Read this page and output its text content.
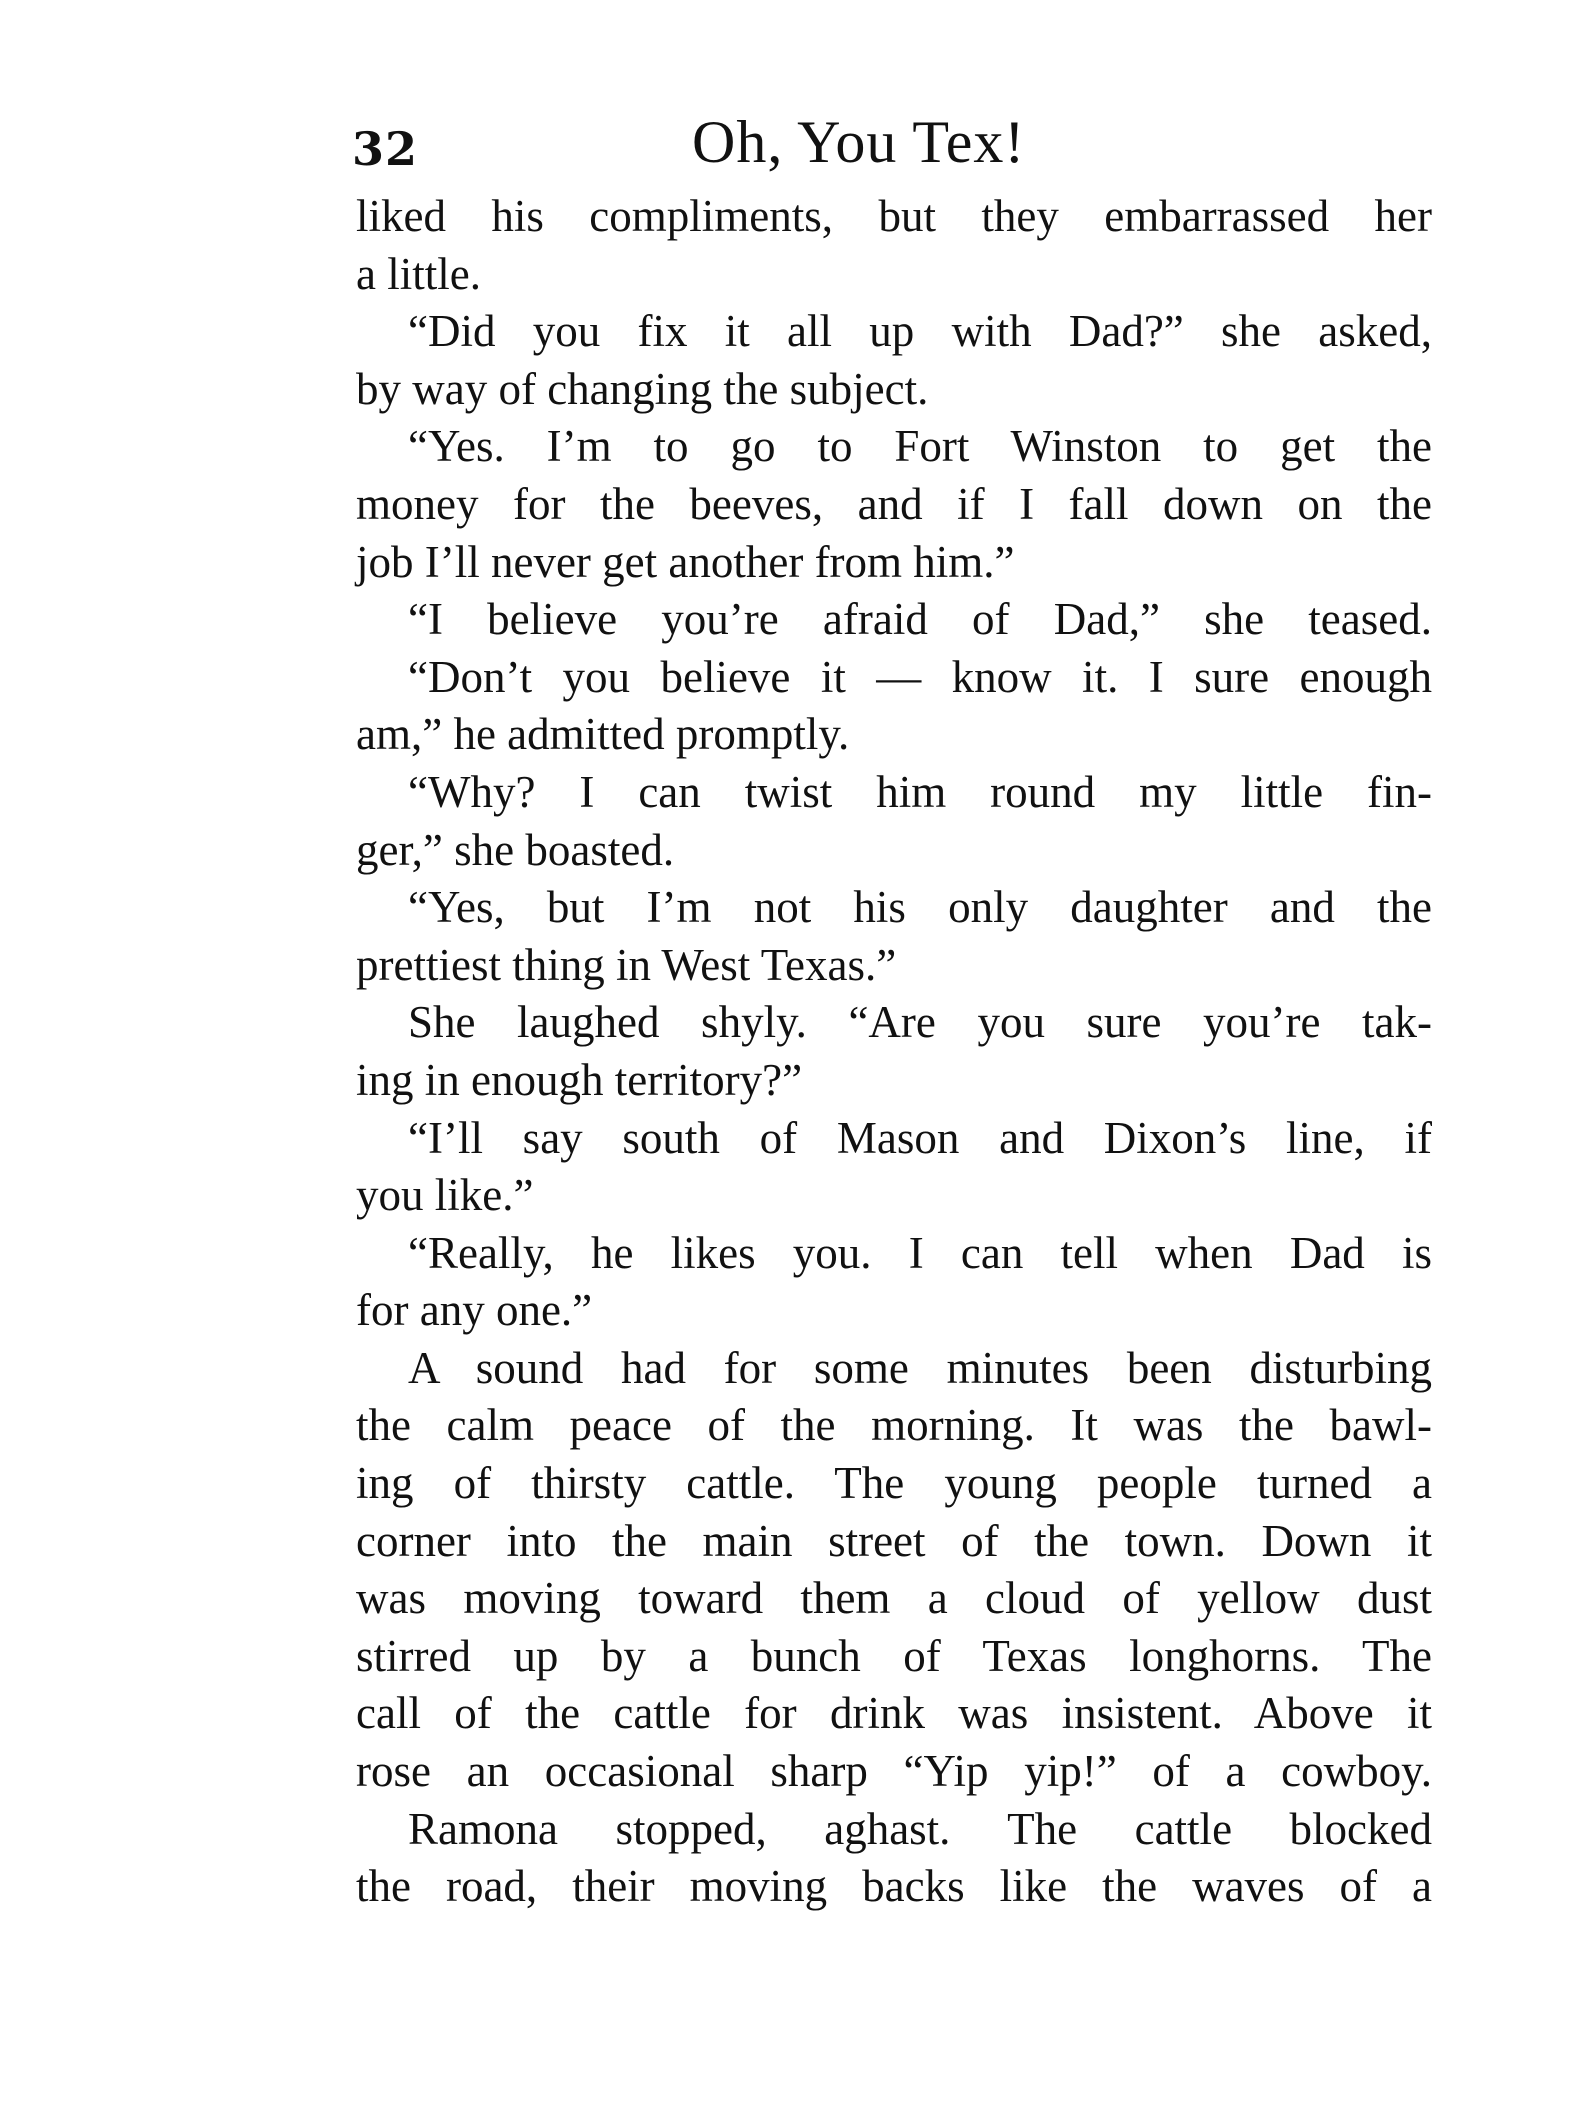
32	Oh, You Tex!
liked his compliments, but they embarrassed her
a little.
“Did you fix it all up with Dad?” she asked,
by way of changing the subject.
“Yes. I’m to go to Fort Winston to get the
money for the beeves, and if I fall down on the
job I’ll never get another from him.”
“I believe you’re afraid of Dad,” she teased.
“Don’t you believe it — know it. I sure enough
am,” he admitted promptly.
“Why? I can twist him round my little fin-
ger,” she boasted.
“Yes, but I’m not his only daughter and the
prettiest thing in West Texas.”
She laughed shyly. “Are you sure you’re tak-
ing in enough territory?”
“I’ll say south of Mason and Dixon’s line, if
you like.”
“Really, he likes you. I can tell when Dad is
for any one.”
A sound had for some minutes been disturbing
the calm peace of the morning. It was the bawl-
ing of thirsty cattle. The young people turned a
corner into the main street of the town. Down it
was moving toward them a cloud of yellow dust
stirred up by a bunch of Texas longhorns. The
call of the cattle for drink was insistent. Above it
rose an occasional sharp “Yip yip!” of a cowboy.
Ramona stopped, aghast. The cattle blocked
the road, their moving backs like the waves of a
